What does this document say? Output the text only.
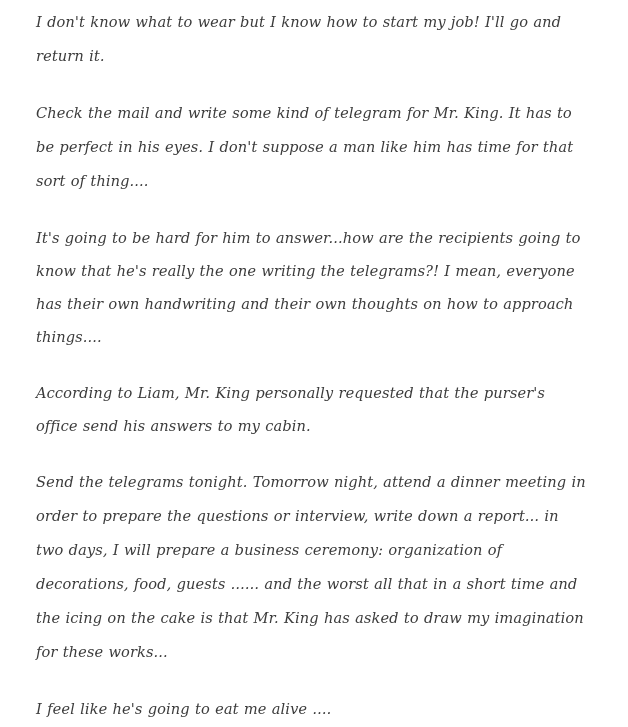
I don't know what to wear but I know how to start my job! I'll go and return it.

Check the mail and write some kind of telegram for Mr. King. It has to be perfect in his eyes. I don't suppose a man like him has time for that sort of thing....

It's going to be hard for him to answer...how are the recipients going to know that he's really the one writing the telegrams?! I mean, everyone has their own handwriting and their own thoughts on how to approach things....

According to Liam, Mr. King personally requested that the purser's office send his answers to my cabin.

Send the telegrams tonight. Tomorrow night, attend a dinner meeting in order to prepare the questions or interview, write down a report... in two days, I will prepare a business ceremony: organization of decorations, food, guests ...... and the worst all that in a short time and the icing on the cake is that Mr. King has asked to draw my imagination for these works...

I feel like he's going to eat me alive ....
